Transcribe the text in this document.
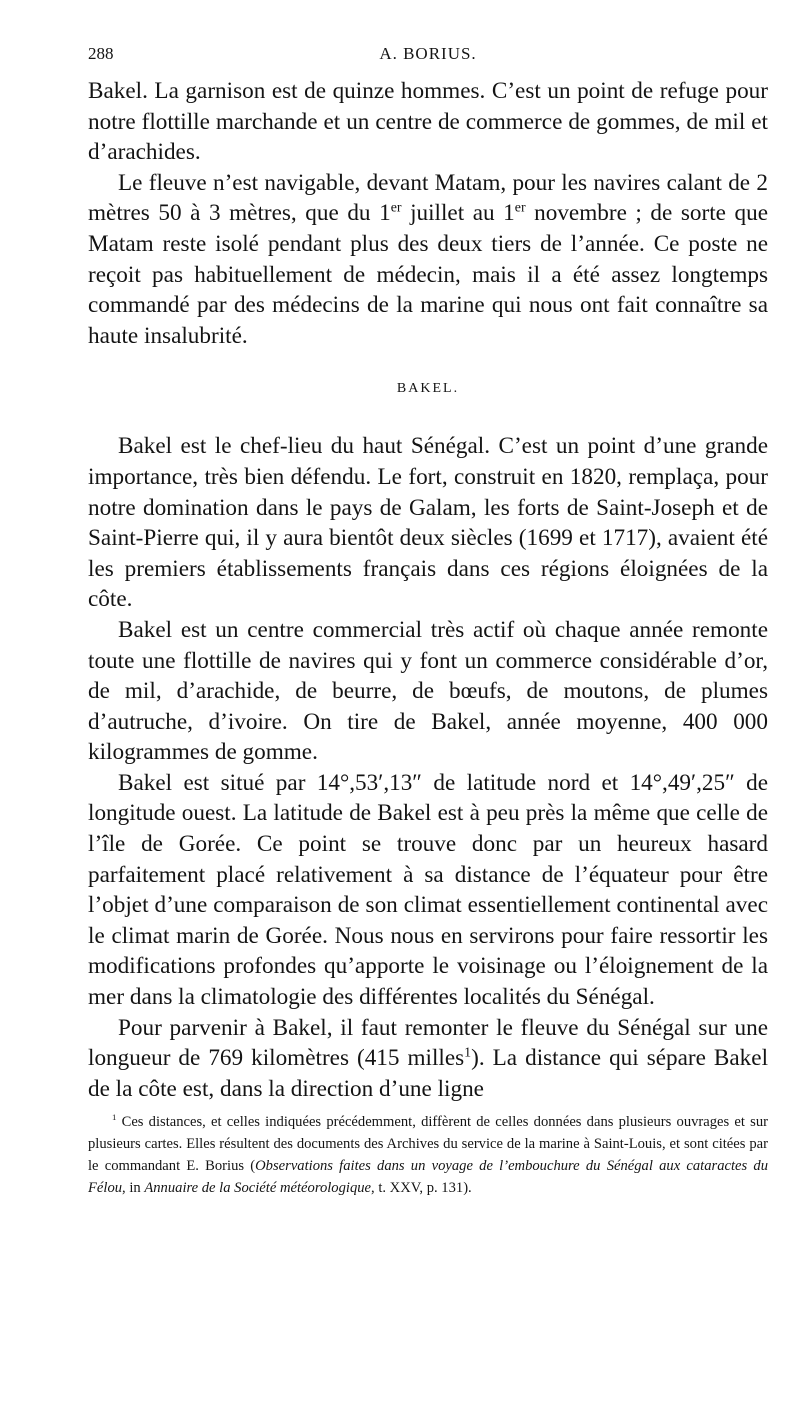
288	A. BORIUS.

Bakel. La garnison est de quinze hommes. C’est un point de refuge pour notre flottille marchande et un centre de commerce de gommes, de mil et d’arachides.

Le fleuve n’est navigable, devant Matam, pour les navires calant de 2 mètres 50 à 3 mètres, que du 1er juillet au 1er novembre ; de sorte que Matam reste isolé pendant plus des deux tiers de l’année. Ce poste ne reçoit pas habituellement de médecin, mais il a été assez longtemps commandé par des médecins de la marine qui nous ont fait connaître sa haute insalubrité.

BAKEL.

Bakel est le chef-lieu du haut Sénégal. C’est un point d’une grande importance, très bien défendu. Le fort, construit en 1820, remplaça, pour notre domination dans le pays de Galam, les forts de Saint-Joseph et de Saint-Pierre qui, il y aura bientôt deux siècles (1699 et 1717), avaient été les premiers établissements français dans ces régions éloignées de la côte.

Bakel est un centre commercial très actif où chaque année remonte toute une flottille de navires qui y font un commerce considérable d’or, de mil, d’arachide, de beurre, de bœufs, de moutons, de plumes d’autruche, d’ivoire. On tire de Bakel, année moyenne, 400 000 kilogrammes de gomme.

Bakel est situé par 14°,53′,13″ de latitude nord et 14°,49′,25″ de longitude ouest. La latitude de Bakel est à peu près la même que celle de l’île de Gorée. Ce point se trouve donc par un heureux hasard parfaitement placé relativement à sa distance de l’équateur pour être l’objet d’une comparaison de son climat essentiellement continental avec le climat marin de Gorée. Nous nous en servirons pour faire ressortir les modifications profondes qu’apporte le voisinage ou l’éloignement de la mer dans la climatologie des différentes localités du Sénégal.

Pour parvenir à Bakel, il faut remonter le fleuve du Sénégal sur une longueur de 769 kilomètres (415 milles$^1$). La distance qui sépare Bakel de la côte est, dans la direction d’une ligne

$^1$ Ces distances, et celles indiquées précédemment, diffèrent de celles données dans plusieurs ouvrages et sur plusieurs cartes. Elles résultent des documents des Archives du service de la marine à Saint-Louis, et sont citées par le commandant E. Borius (Observations faites dans un voyage de l’embouchure du Sénégal aux cataractes du Félou, in Annuaire de la Société météorologique, t. XXV, p. 131).
